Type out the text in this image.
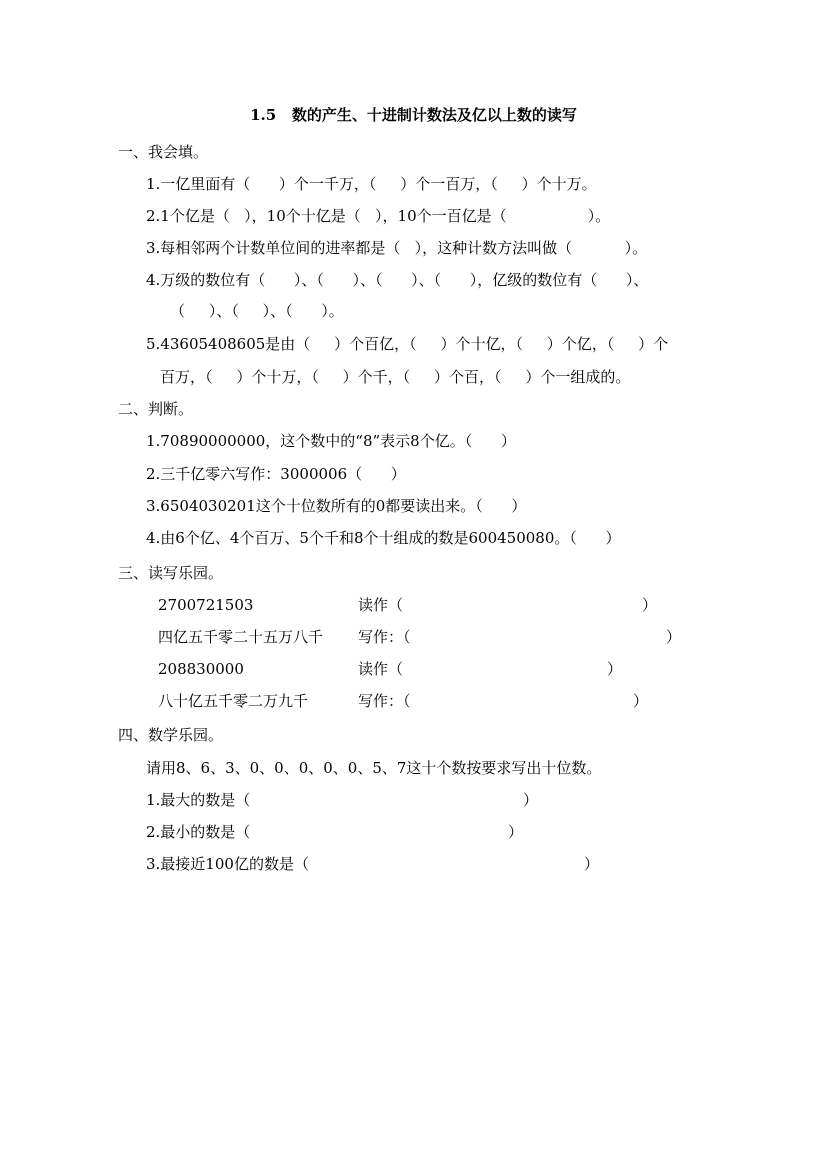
1.5   数的产生、十进制计数法及亿以上数的读写
一、我会填。
1.一亿里面有（      ）个一千万，（     ）个一百万，（     ）个十万。
2.1个亿是（   ），10个十亿是（   ），10个一百亿是（                 ）。
3.每相邻两个计数单位间的进率都是（   ），这种计数方法叫做（           ）。
4.万级的数位有（      ）、（      ）、（      ）、（      ），亿级的数位有（      ）、
（     ）、（     ）、（      ）。
5.43605408605是由（     ）个百亿，（     ）个十亿，（     ）个亿，（     ）个
百万，（     ）个十万，（     ）个千，（     ）个百，（     ）个一组成的。
二、判断。
1.70890000000，这个数中的“8”表示8个亿。（      ）
2.三千亿零六写作：3000006（      ）
3.6504030201这个十位数所有的0都要读出来。（      ）
4.由6个亿、4个百万、5个千和8个十组成的数是600450080。（      ）
三、读写乐园。
2700721503	读作（	）
四亿五千零二十五万八千 写作：（	）
208830000	读作（	）
八十亿五千零二万九千	写作：（	）
四、数学乐园。
请用8、6、3、0、0、0、0、0、5、7这十个数按要求写出十位数。
1.最大的数是（	）
2.最小的数是（	）
3.最接近100亿的数是（	）
